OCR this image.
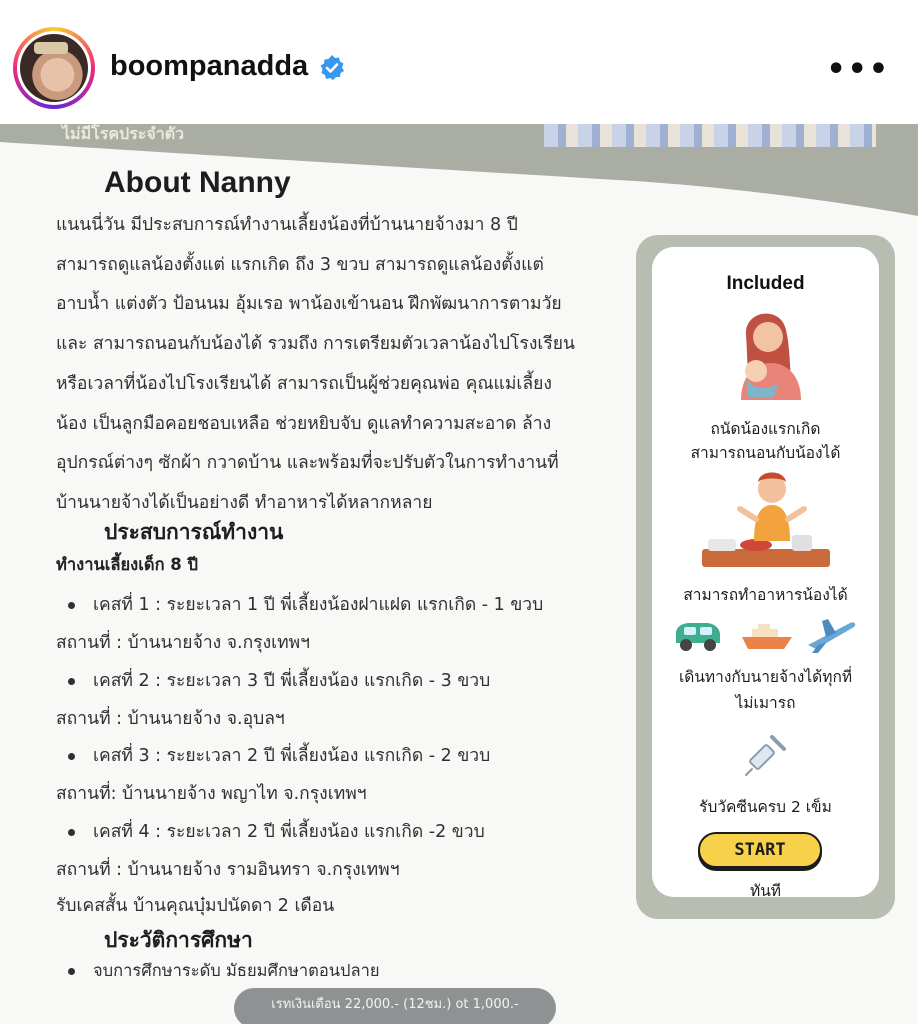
boompanadda	•••
ไม่มีโรคประจำตัว
About Nanny
แนนนี่วัน มีประสบการณ์ทำงานเลี้ยงน้องที่บ้านนายจ้างมา 8 ปี
สามารถดูแลน้องตั้งแต่ แรกเกิด ถึง 3 ขวบ สามารถดูแลน้องตั้งแต่
อาบน้ำ แต่งตัว ป้อนนม อุ้มเรอ พาน้องเข้านอน ฝึกพัฒนาการตามวัย
และ สามารถนอนกับน้องได้ รวมถึง การเตรียมตัวเวลาน้องไปโรงเรียน
หรือเวลาที่น้องไปโรงเรียนได้ สามารถเป็นผู้ช่วยคุณพ่อ คุณแม่เลี้ยง
น้อง เป็นลูกมือคอยชอบเหลือ ช่วยหยิบจับ ดูแลทำความสะอาด ล้าง
อุปกรณ์ต่างๆ ซักผ้า กวาดบ้าน และพร้อมที่จะปรับตัวในการทำงานที่
บ้านนายจ้างได้เป็นอย่างดี ทำอาหารได้หลากหลาย
ประสบการณ์ทำงาน
ทำงานเลี้ยงเด็ก 8 ปี
เคสที่ 1 : ระยะเวลา 1 ปี พี่เลี้ยงน้องฝาแฝด แรกเกิด - 1 ขวบ
สถานที่ : บ้านนายจ้าง จ.กรุงเทพฯ
เคสที่ 2 : ระยะเวลา 3 ปี พี่เลี้ยงน้อง แรกเกิด - 3 ขวบ
สถานที่ : บ้านนายจ้าง จ.อุบลฯ
เคสที่ 3 : ระยะเวลา 2 ปี พี่เลี้ยงน้อง แรกเกิด - 2 ขวบ
สถานที่: บ้านนายจ้าง พญาไท จ.กรุงเทพฯ
เคสที่ 4 : ระยะเวลา 2 ปี พี่เลี้ยงน้อง แรกเกิด -2 ขวบ
สถานที่ : บ้านนายจ้าง รามอินทรา จ.กรุงเทพฯ
รับเคสสั้น บ้านคุณบุ๋มปนัดดา 2 เดือน
ประวัติการศึกษา
จบการศึกษาระดับ มัธยมศึกษาตอนปลาย
Included
ถนัดน้องแรกเกิด
สามารถนอนกับน้องได้
สามารถทำอาหารน้องได้
เดินทางกับนายจ้างได้ทุกที่
ไม่เมารถ
รับวัคซีนครบ 2 เข็ม
START
ทันที
เรทเงินเดือน 22,000.- (12ชม.) ot 1,000.-
